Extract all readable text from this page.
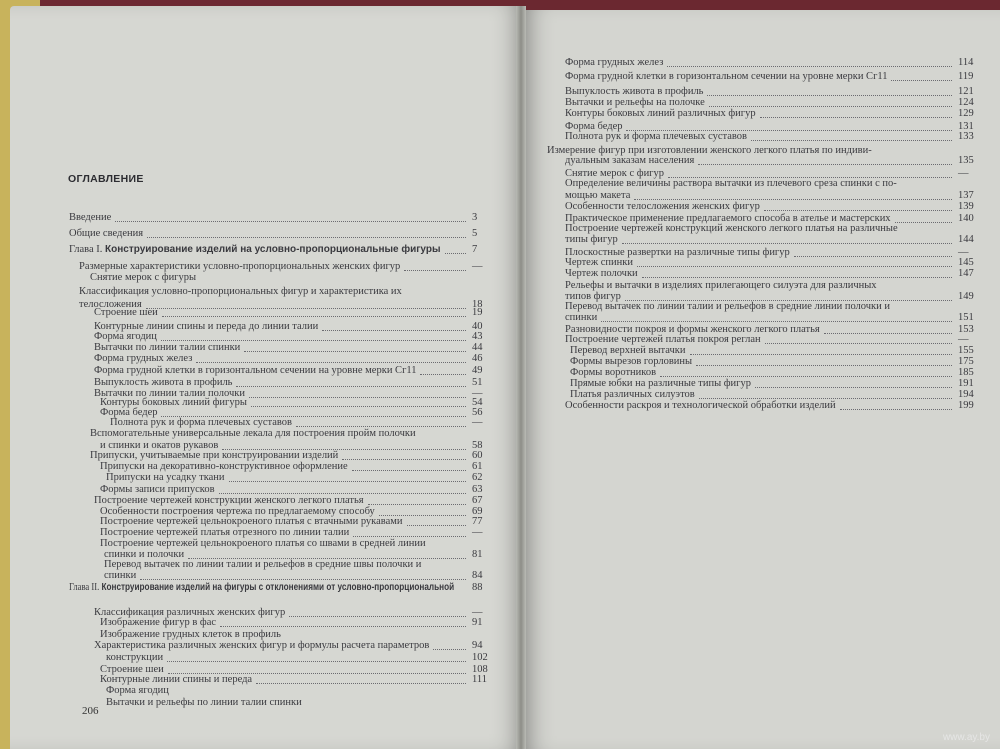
ОГЛАВЛЕНИЕ
Введение	3
Общие сведения	5
Глава I. Конструирование изделий на условно-пропорциональные фигуры	7
Размерные характеристики условно-пропорциональных женских фигур	—
Снятие мерок с фигуры
Классификация условно-пропорциональных фигур и характеристика их
телосложения	18
Строение шеи	19
Контурные линии спины и переда до линии талии	40
Форма ягодиц	43
Вытачки по линии талии спинки	44
Форма грудных желез	46
Форма грудной клетки в горизонтальном сечении на уровне мерки Сг11	49
Выпуклость живота в профиль	51
Вытачки по линии талии полочки	—
Контуры боковых линий фигуры	54
Форма бедер	56
Полнота рук и форма плечевых суставов	—
Вспомогательные универсальные лекала для построения пройм полочки
и спинки и окатов рукавов	58
Припуски, учитываемые при конструировании изделий	60
Припуски на декоративно-конструктивное оформление	61
Припуски на усадку ткани	62
Формы записи припусков	63
Построение чертежей конструкции женского легкого платья	67
Особенности построения чертежа по предлагаемому способу	69
Построение чертежей цельнокроеного платья с втачными рукавами	77
Построение чертежей платья отрезного по линии талии	—
Построение чертежей цельнокроеного платья со швами в средней линии
спинки и полочки	81
Перевод вытачек по линии талии и рельефов в средние швы полочки и
спинки	84
Глава II. Конструирование изделий на фигуры с отклонениями от условно-пропорциональной 88
Классификация различных женских фигур	—
Изображение фигур в фас	91
Изображение грудных клеток в профиль
Характеристика различных женских фигур и формулы расчета параметров	94
конструкции	102
Строение шеи	108
Контурные линии спины и переда	111
Форма ягодиц
Вытачки и рельефы по линии талии спинки
Форма грудных желез	114
Форма грудной клетки в горизонтальном сечении на уровне мерки Сг11	119
Выпуклость живота в профиль	121
Вытачки и рельефы на полочке	124
Контуры боковых линий различных фигур	129
Форма бедер	131
Полнота рук и форма плечевых суставов	133
Измерение фигур при изготовлении женского легкого платья по индиви-
дуальным заказам населения	135
Снятие мерок с фигур	—
Определение величины раствора вытачки из плечевого среза спинки с по-
мощью макета	137
Особенности телосложения женских фигур	139
Практическое применение предлагаемого способа в ателье и мастерских	140
Построение чертежей конструкций женского легкого платья на различные
типы фигур	144
Плоскостные развертки на различные типы фигур	—
Чертеж спинки	145
Чертеж полочки	147
Рельефы и вытачки в изделиях прилегающего силуэта для различных
типов фигур	149
Перевод вытачек по линии талии и рельефов в средние линии полочки и
спинки	151
Разновидности покроя и формы женского легкого платья	153
Построение чертежей платья покроя реглан	—
Перевод верхней вытачки	155
Формы вырезов горловины	175
Формы воротников	185
Прямые юбки на различные типы фигур	191
Платья различных силуэтов	194
Особенности раскроя и технологической обработки изделий	199
206
www.ay.by
